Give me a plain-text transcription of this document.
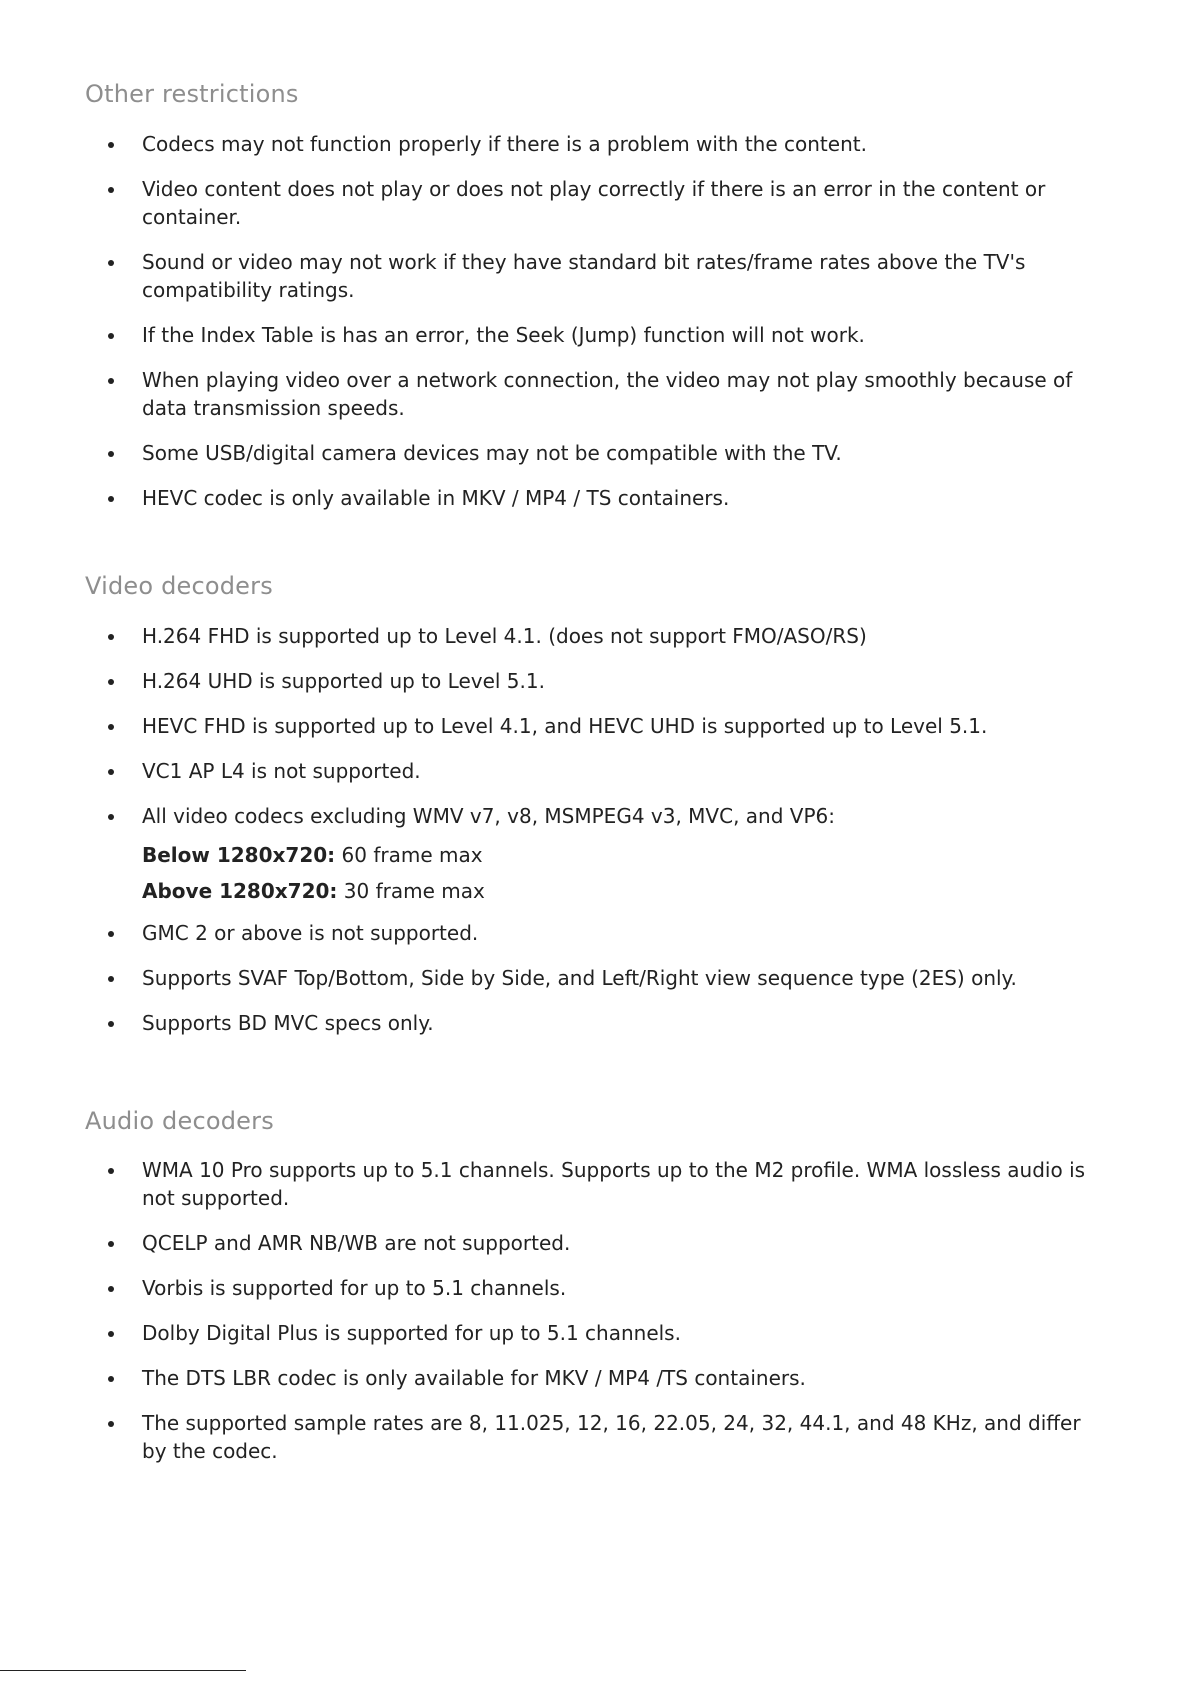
Other restrictions
Codecs may not function properly if there is a problem with the content.
Video content does not play or does not play correctly if there is an error in the content or container.
Sound or video may not work if they have standard bit rates/frame rates above the TV's compatibility ratings.
If the Index Table is has an error, the Seek (Jump) function will not work.
When playing video over a network connection, the video may not play smoothly because of data transmission speeds.
Some USB/digital camera devices may not be compatible with the TV.
HEVC codec is only available in MKV / MP4 / TS containers.
Video decoders
H.264 FHD is supported up to Level 4.1. (does not support FMO/ASO/RS)
H.264 UHD is supported up to Level 5.1.
HEVC FHD is supported up to Level 4.1, and HEVC UHD is supported up to Level 5.1.
VC1 AP L4 is not supported.
All video codecs excluding WMV v7, v8, MSMPEG4 v3, MVC, and VP6:
Below 1280x720: 60 frame max
Above 1280x720: 30 frame max
GMC 2 or above is not supported.
Supports SVAF Top/Bottom, Side by Side, and Left/Right view sequence type (2ES) only.
Supports BD MVC specs only.
Audio decoders
WMA 10 Pro supports up to 5.1 channels. Supports up to the M2 profile. WMA lossless audio is not supported.
QCELP and AMR NB/WB are not supported.
Vorbis is supported for up to 5.1 channels.
Dolby Digital Plus is supported for up to 5.1 channels.
The DTS LBR codec is only available for MKV / MP4 /TS containers.
The supported sample rates are 8, 11.025, 12, 16, 22.05, 24, 32, 44.1, and 48 KHz, and differ by the codec.
